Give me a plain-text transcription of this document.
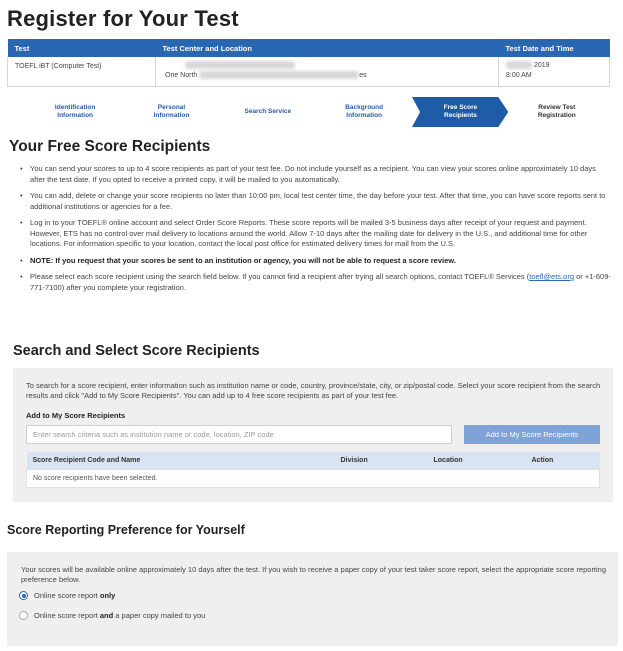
Register for Your Test
Test	Test Center and Location	Test Date and Time
TOEFL iBT (Computer Test)	One North es	2019
8:00 AM
Identification Information
Personal Information
Search Service
Background Information
Free Score Recipients
Review Test Registration
Your Free Score Recipients
• You can send your scores to up to 4 score recipients as part of your test fee. Do not include yourself as a recipient. You can view your scores online approximately 10 days after the test date. If you opted to receive a printed copy, it will be mailed to you automatically.
• You can add, delete or change your score recipients no later than 10:00 pm, local test center time, the day before your test. After that time, you can have score reports sent to additional institutions or agencies for a fee.
• Log in to your TOEFL® online account and select Order Score Reports. These score reports will be mailed 3-5 business days after receipt of your request and payment. However, ETS has no control over mail delivery to locations around the world. Allow 7-10 days after the mailing date for delivery in the U.S., and additional time for other locations. For information specific to your location, contact the local post office for estimated delivery times for mail from the U.S.
• NOTE: If you request that your scores be sent to an institution or agency, you will not be able to request a score review.
• Please select each score recipient using the search field below. If you cannot find a recipient after trying all search options, contact TOEFL® Services (toefl@ets.org or +1-609-771-7100) after you complete your registration.
Search and Select Score Recipients
To search for a score recipient, enter information such as institution name or code, country, province/state, city, or zip/postal code. Select your score recipient from the search results and click "Add to My Score Recipients". You can add up to 4 free score recipients as part of your test fee.
Add to My Score Recipients
Enter search criteria such as institution name or code, location, ZIP code
Add to My Score Recipients
Score Recipient Code and Name	Division	Location	Action
No score recipients have been selected.
Score Reporting Preference for Yourself
Your scores will be available online approximately 10 days after the test. If you wish to receive a paper copy of your test taker score report, select the appropriate score reporting preference below.
Online score report only
Online score report and a paper copy mailed to you
